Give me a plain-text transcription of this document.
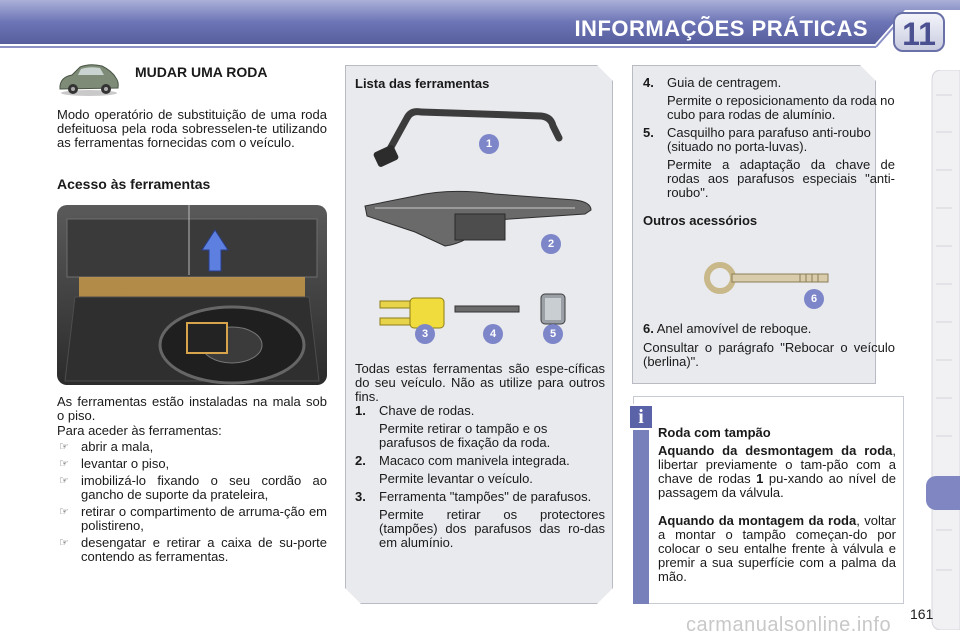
INFORMAÇÕES PRÁTICAS 11
MUDAR UMA RODA
Modo operatório de substituição de uma roda defeituosa pela roda sobresselen-te utilizando as ferramentas fornecidas com o veículo.
Acesso às ferramentas
As ferramentas estão instaladas na mala sob o piso.
Para aceder às ferramentas:
☞ abrir a mala,
☞ levantar o piso,
☞ imobilizá-lo fixando o seu cordão ao gancho de suporte da prateleira,
☞ retirar o compartimento de arruma-ção em polistireno,
☞ desengatar e retirar a caixa de su-porte contendo as ferramentas.
Lista das ferramentas
1
2
3	4	5
Todas estas ferramentas são espe-cíficas do seu veículo. Não as utilize para outros fins.
1. Chave de rodas.
Permite retirar o tampão e os parafusos de fixação da roda.
2. Macaco com manivela integrada.
Permite levantar o veículo.
3.	Ferramenta "tampões" de parafusos.
Permite retirar os protectores (tampões) dos parafusos das ro-das em alumínio.
4. Guia de centragem.
Permite o reposicionamento da roda no cubo para rodas de alumínio.
5.	Casquilho para parafuso anti-roubo (situado no porta-luvas).
Permite a adaptação da chave de rodas aos parafusos especiais "anti-roubo".
Outros acessórios
6
6. Anel amovível de reboque.
Consultar o parágrafo "Rebocar o veículo (berlina)".
i
Roda com tampão
Aquando da desmontagem da roda, libertar previamente o tam-pão com a chave de rodas 1 pu-xando ao nível de passagem da válvula.
Aquando da montagem da roda, voltar a montar o tampão começan-do por colocar o seu entalhe frente à válvula e premir a sua superfície com a palma da mão.
carmanualsonline.info 161
